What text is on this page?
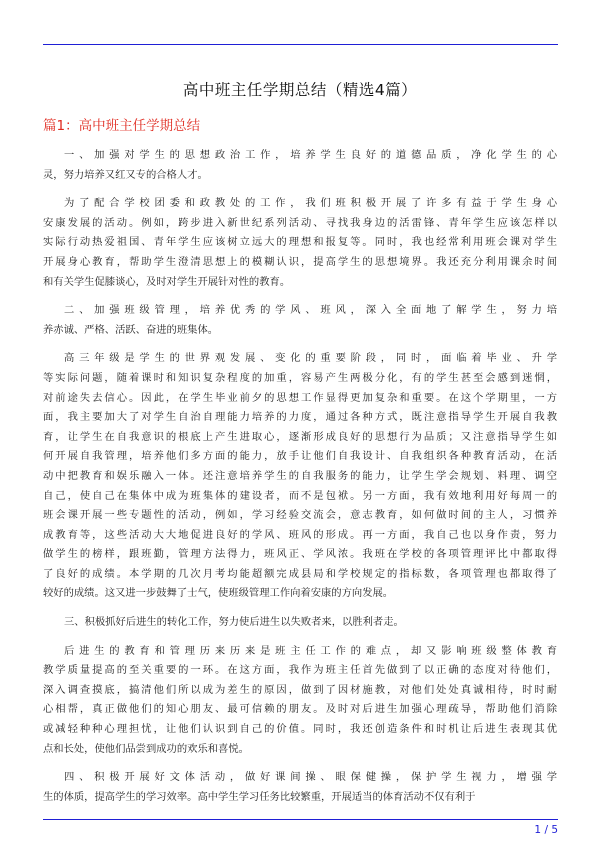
高中班主任学期总结（精选4篇）
篇1：高中班主任学期总结

一、加强对学生的思想政治工作，培养学生良好的道德品质，净化学生的心
灵，努力培养又红又专的合格人才。

为了配合学校团委和政教处的工作，我们班积极开展了许多有益于学生身心
安康发展的活动。例如，跨步进入新世纪系列活动、寻找我身边的活雷锋、青年学生应该怎样以
实际行动热爱祖国、青年学生应该树立远大的理想和报复等。同时，我也经常利用班会课对学生
开展身心教育，帮助学生澄清思想上的模糊认识，提高学生的思想境界。我还充分利用课余时间
和有关学生促膝谈心，及时对学生开展针对性的教育。

二、加强班级管理，培养优秀的学风、班风，深入全面地了解学生，努力培
养赤诚、严格、活跃、奋进的班集体。

高三年级是学生的世界观发展、变化的重要阶段，同时，面临着毕业、升学
等实际问题，随着课时和知识复杂程度的加重，容易产生两极分化，有的学生甚至会感到迷惘，
对前途失去信心。因此，在学生毕业前夕的思想工作显得更加复杂和重要。在这个学期里，一方
面，我主要加大了对学生自治自理能力培养的力度，通过各种方式，既注意指导学生开展自我教
育，让学生在自我意识的根底上产生进取心，逐渐形成良好的思想行为品质；又注意指导学生如
何开展自我管理，培养他们多方面的能力，放手让他们自我设计、自我组织各种教育活动，在活
动中把教育和娱乐融入一体。还注意培养学生的自我服务的能力，让学生学会规划、料理、调空
自己，使自己在集体中成为班集体的建设者，而不是包袱。另一方面，我有效地利用好每周一的
班会课开展一些专题性的活动，例如，学习经验交流会，意志教育，如何做时间的主人，习惯养
成教育等，这些活动大大地促进良好的学风、班风的形成。再一方面，我自己也以身作责，努力
做学生的榜样，跟班勤，管理方法得力，班风正、学风浓。我班在学校的各项管理评比中都取得
了良好的成绩。本学期的几次月考均能超额完成县局和学校规定的指标数，各项管理也都取得了
较好的成绩。这又进一步鼓舞了士气，使班级管理工作向着安康的方向发展。

三、积极抓好后进生的转化工作，努力使后进生以失败者来，以胜利者走。

后进生的教育和管理历来历来是班主任工作的难点，却又影响班级整体教育
教学质量提高的至关重要的一环。在这方面，我作为班主任首先做到了以正确的态度对待他们，
深入调查摸底，搞清他们所以成为差生的原因，做到了因材施教，对他们处处真诚相待，时时耐
心相帮，真正做他们的知心朋友、最可信赖的朋友。及时对后进生加强心理疏导，帮助他们消除
或减轻种种心理担忧，让他们认识到自己的价值。同时，我还创造条件和时机让后进生表现其优
点和长处，使他们品尝到成功的欢乐和喜悦。

四、积极开展好文体活动，做好课间操、眼保健操，保护学生视力，增强学
生的体质，提高学生的学习效率。高中学生学习任务比较繁重，开展适当的体育活动不仅有利于

1 / 5
